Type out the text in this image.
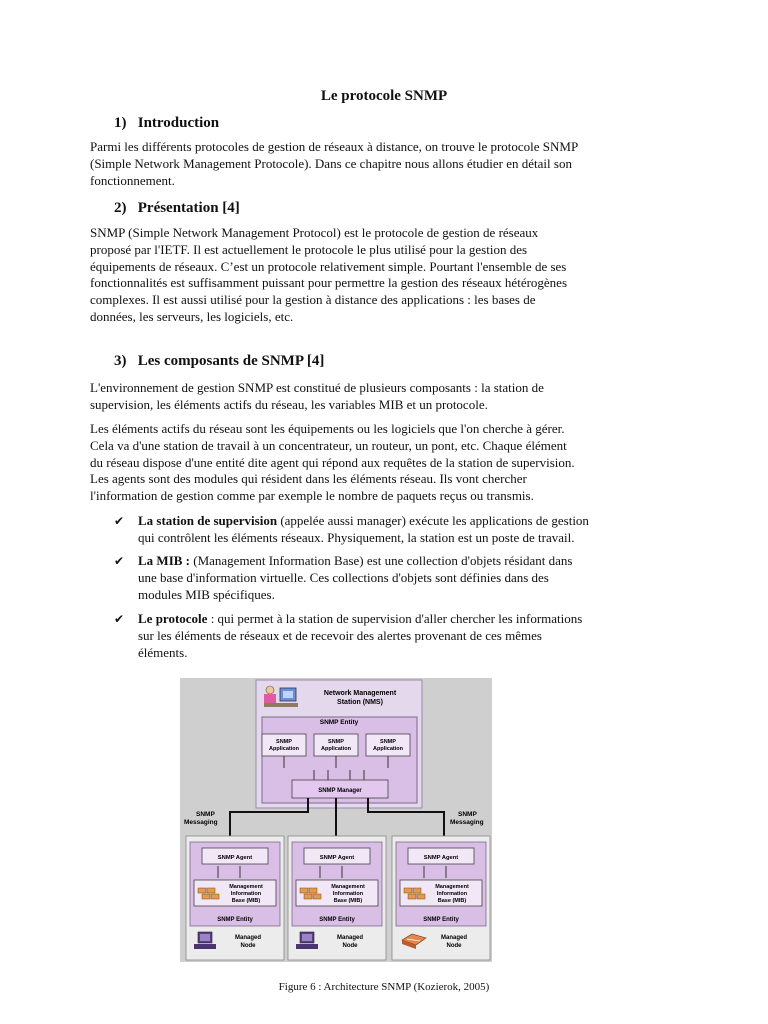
Le protocole SNMP
1)   Introduction
Parmi les différents protocoles de gestion de réseaux à distance, on trouve le protocole SNMP
(Simple Network Management Protocole). Dans ce chapitre nous allons étudier en détail son
fonctionnement.
2)   Présentation [4]
SNMP (Simple Network Management Protocol) est le protocole de gestion de réseaux
proposé par l'IETF. Il est actuellement le protocole le plus utilisé pour la gestion des
équipements de réseaux. C’est un protocole relativement simple. Pourtant l'ensemble de ses
fonctionnalités est suffisamment puissant pour permettre la gestion des réseaux hétérogènes
complexes. Il est aussi utilisé pour la gestion à distance des applications : les bases de
données, les serveurs, les logiciels, etc.
3)   Les composants de SNMP [4]
L'environnement de gestion SNMP est constitué de plusieurs composants : la station de
supervision, les éléments actifs du réseau, les variables MIB et un protocole.
Les éléments actifs du réseau sont les équipements ou les logiciels que l'on cherche à gérer.
Cela va d'une station de travail à un concentrateur, un routeur, un pont, etc. Chaque élément
du réseau dispose d'une entité dite agent qui répond aux requêtes de la station de supervision.
Les agents sont des modules qui résident dans les éléments réseau. Ils vont chercher
l'information de gestion comme par exemple le nombre de paquets reçus ou transmis.
✔ La station de supervision (appelée aussi manager) exécute les applications de gestion
qui contrôlent les éléments réseaux. Physiquement, la station est un poste de travail.
✔ La MIB : (Management Information Base) est une collection d'objets résidant dans
une base d'information virtuelle. Ces collections d'objets sont définies dans des
modules MIB spécifiques.
✔ Le protocole : qui permet à la station de supervision d'aller chercher les informations
sur les éléments de réseaux et de recevoir des alertes provenant de ces mêmes
éléments.
Network Management
Station (NMS)
SNMP Entity
SNMP
Application
SNMP
Application
SNMP
Application
SNMP Manager
SNMP
Messaging
SNMP
Messaging
SNMP Agent
Management
Information
Base (MIB)
SNMP Entity
Managed
Node
SNMP Agent
Management
Information
Base (MIB)
SNMP Entity
Managed
Node
SNMP Agent
Management
Information
Base (MIB)
SNMP Entity
Managed
Node
Figure 6 : Architecture SNMP (Kozierok, 2005)
